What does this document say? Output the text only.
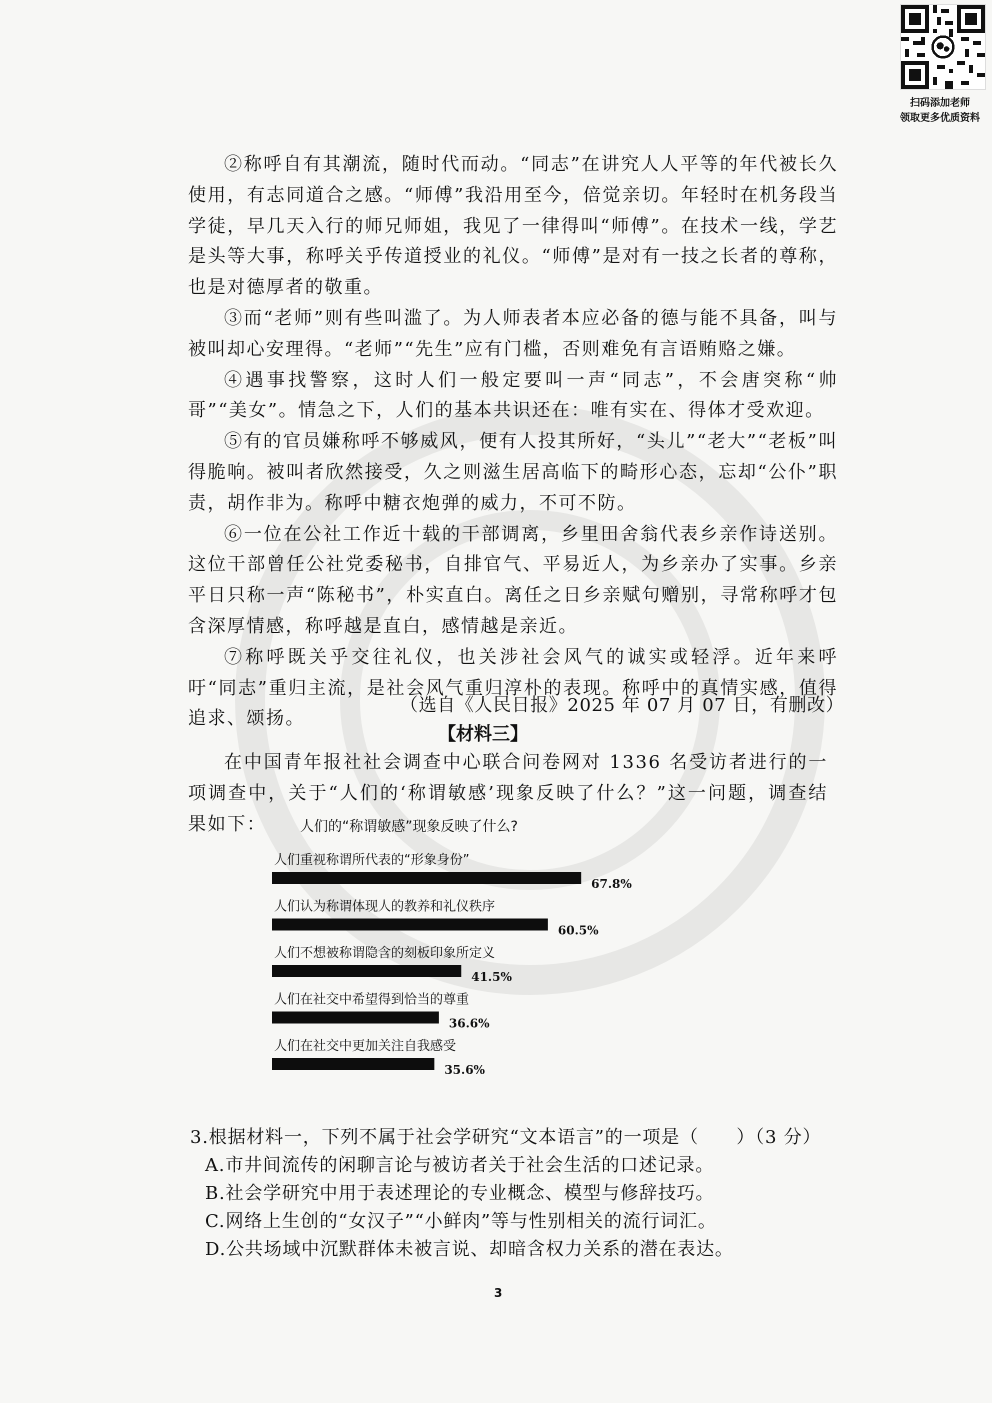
扫码添加老师
领取更多优质资料

②称呼自有其潮流，随时代而动。“同志”在讲究人人平等的年代被长久使用，有志同道合之感。“师傅”我沿用至今，倍觉亲切。年轻时在机务段当学徒，早几天入行的师兄师姐，我见了一律得叫“师傅”。在技术一线，学艺是头等大事，称呼关乎传道授业的礼仪。“师傅”是对有一技之长者的尊称，也是对德厚者的敬重。

③而“老师”则有些叫滥了。为人师表者本应必备的德与能不具备，叫与被叫却心安理得。“老师”“先生”应有门槛，否则难免有言语贿赂之嫌。

④遇事找警察，这时人们一般定要叫一声“同志”，不会唐突称“帅哥”“美女”。情急之下，人们的基本共识还在：唯有实在、得体才受欢迎。

⑤有的官员嫌称呼不够威风，便有人投其所好，“头儿”“老大”“老板”叫得脆响。被叫者欣然接受，久之则滋生居高临下的畸形心态，忘却“公仆”职责，胡作非为。称呼中糖衣炮弹的威力，不可不防。

⑥一位在公社工作近十载的干部调离，乡里田舍翁代表乡亲作诗送别。这位干部曾任公社党委秘书，自排官气、平易近人，为乡亲办了实事。乡亲平日只称一声“陈秘书”，朴实直白。离任之日乡亲赋句赠别，寻常称呼才包含深厚情感，称呼越是直白，感情越是亲近。

⑦称呼既关乎交往礼仪，也关涉社会风气的诚实或轻浮。近年来呼吁“同志”重归主流，是社会风气重归淳朴的表现。称呼中的真情实感，值得追求、颂扬。

（选自《人民日报》2025 年 07 月 07 日，有删改）
【材料三】

在中国青年报社社会调查中心联合问卷网对 1336 名受访者进行的一项调查中，关于“人们的‘称谓敏感’现象反映了什么？”这一问题，调查结果如下：	人们的“称谓敏感”现象反映了什么?
人们重视称谓所代表的“形象身份”
67.8%
人们认为称谓体现人的教养和礼仪秩序
60.5%
人们不想被称谓隐含的刻板印象所定义
41.5%
人们在社交中希望得到恰当的尊重
36.6%
人们在社交中更加关注自我感受
35.6%
3.根据材料一，下列不属于社会学研究“文本语言”的一项是（　　）（3 分）
A.市井间流传的闲聊言论与被访者关于社会生活的口述记录。
B.社会学研究中用于表述理论的专业概念、模型与修辞技巧。
C.网络上生创的“女汉子”“小鲜肉”等与性别相关的流行词汇。
D.公共场域中沉默群体未被言说、却暗含权力关系的潜在表达。
3
